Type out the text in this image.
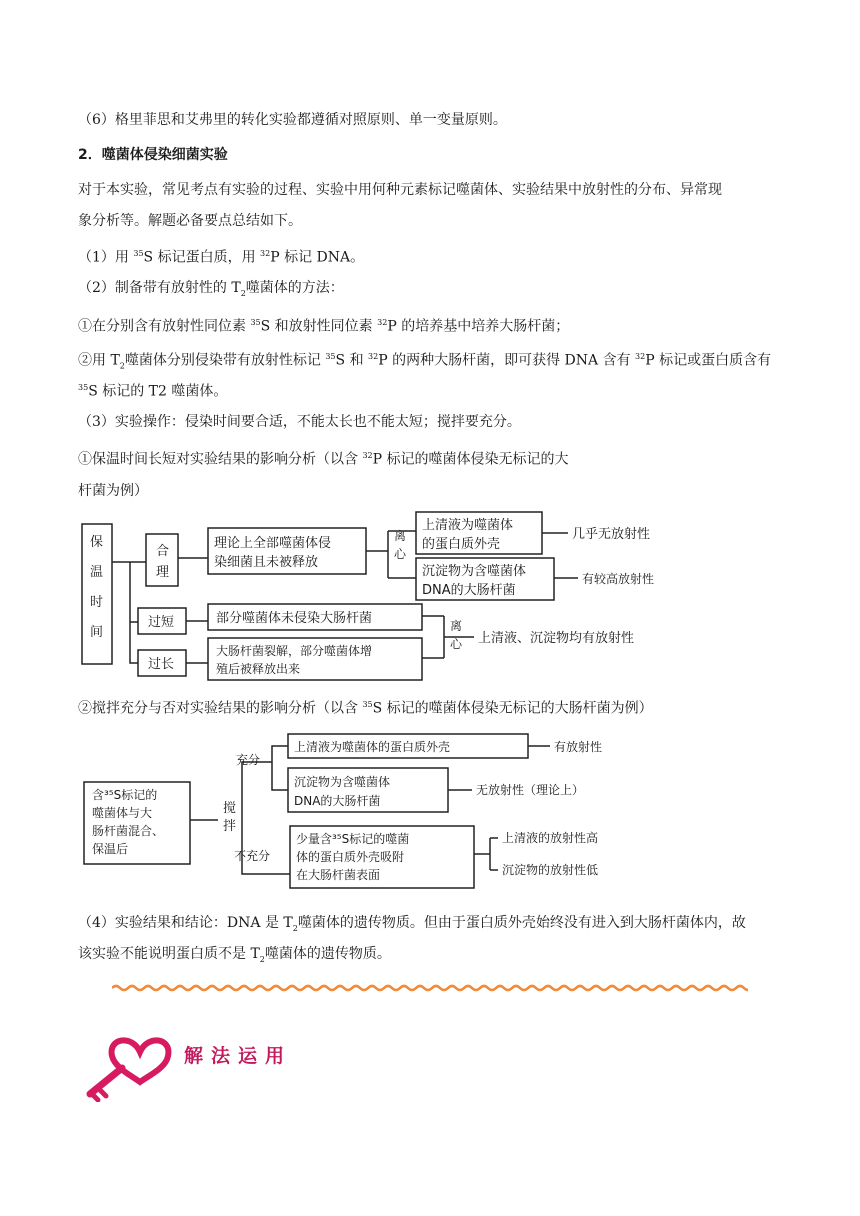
（6）格里菲思和艾弗里的转化实验都遵循对照原则、单一变量原则。
2．噬菌体侵染细菌实验
对于本实验，常见考点有实验的过程、实验中用何种元素标记噬菌体、实验结果中放射性的分布、异常现
象分析等。解题必备要点总结如下。
（1）用 $^{35}$S 标记蛋白质，用 $^{32}$P 标记 DNA。
（2）制备带有放射性的 $T_2$噬菌体的方法：
①在分别含有放射性同位素 $^{35}$S 和放射性同位素 $^{32}$P 的培养基中培养大肠杆菌；
②用 $T_2$噬菌体分别侵染带有放射性标记 $^{35}$S 和 $^{32}$P 的两种大肠杆菌，即可获得 DNA 含有 $^{32}$P 标记或蛋白质含有
$^{35}$S 标记的 T2 噬菌体。
（3）实验操作：侵染时间要合适，不能太长也不能太短；搅拌要充分。
①保温时间长短对实验结果的影响分析（以含 $^{32}$P 标记的噬菌体侵染无标记的大
杆菌为例）
保
温
时
间
合
理
理论上全部噬菌体侵
染细菌且未被释放
离
心
上清液为噬菌体
的蛋白质外壳
沉淀物为含噬菌体
DNA的大肠杆菌
几乎无放射性
有较高放射性
过短	部分噬菌体未侵染大肠杆菌
过长
大肠杆菌裂解，部分噬菌体增
殖后被释放出来
离
心 上清液、沉淀物均有放射性
②搅拌充分与否对实验结果的影响分析（以含 $^{35}$S 标记的噬菌体侵染无标记的大肠杆菌为例）
含³⁵S标记的
噬菌体与大
肠杆菌混合、
保温后
搅
拌
充分
不充分
上清液为噬菌体的蛋白质外壳
沉淀物为含噬菌体
DNA的大肠杆菌
有放射性
无放射性（理论上）
少量含³⁵S标记的噬菌
体的蛋白质外壳吸附
在大肠杆菌表面
上清液的放射性高
沉淀物的放射性低
（4）实验结果和结论：DNA 是 $T_2$噬菌体的遗传物质。但由于蛋白质外壳始终没有进入到大肠杆菌体内，故
该实验不能说明蛋白质不是 $T_2$噬菌体的遗传物质。
解法运用
